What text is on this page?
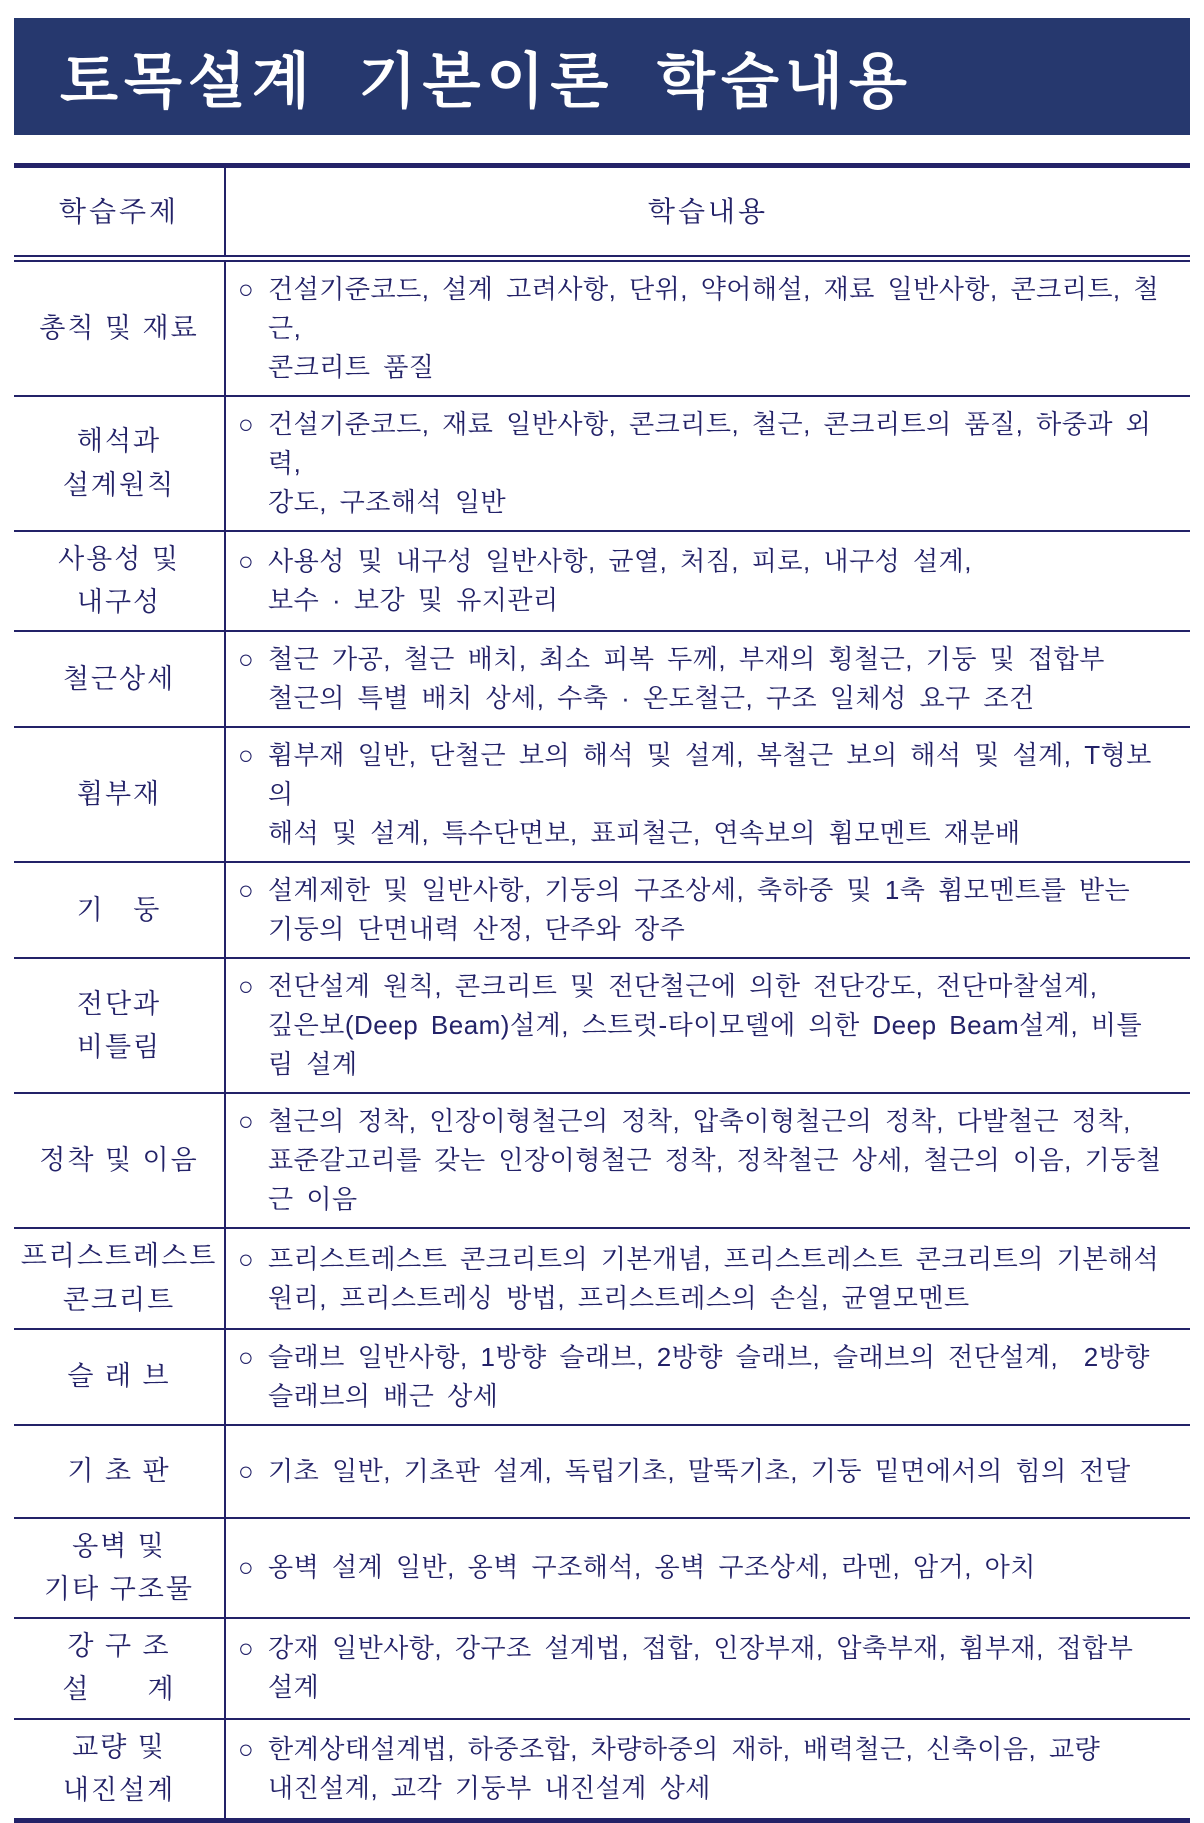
토목설계 기본이론 학습내용
학습주제	학습내용
총칙 및 재료
○ 건설기준코드, 설계 고려사항, 단위, 약어해설, 재료 일반사항, 콘크리트, 철근,
콘크리트 품질
해석과
설계원칙
○ 건설기준코드, 재료 일반사항, 콘크리트, 철근, 콘크리트의 품질, 하중과 외력,
강도, 구조해석 일반
사용성 및
내구성
○ 사용성 및 내구성 일반사항, 균열, 처짐, 피로, 내구성 설계,
보수 · 보강 및 유지관리
철근상세
○ 철근 가공, 철근 배치, 최소 피복 두께, 부재의 횡철근, 기둥 및 접합부
철근의 특별 배치 상세, 수축 · 온도철근, 구조 일체성 요구 조건
휨부재
○ 휨부재 일반, 단철근 보의 해석 및 설계, 복철근 보의 해석 및 설계, T형보의
해석 및 설계, 특수단면보, 표피철근, 연속보의 휨모멘트 재분배
기   둥
○ 설계제한 및 일반사항, 기둥의 구조상세, 축하중 및 1축 휨모멘트를 받는
기둥의 단면내력 산정, 단주와 장주
전단과
비틀림
○ 전단설계 원칙, 콘크리트 및 전단철근에 의한 전단강도, 전단마찰설계,
깊은보(Deep Beam)설계, 스트럿-타이모델에 의한 Deep Beam설계, 비틀림 설계
정착 및 이음
○ 철근의 정착, 인장이형철근의 정착, 압축이형철근의 정착, 다발철근 정착,
표준갈고리를 갖는 인장이형철근 정착, 정착철근 상세, 철근의 이음, 기둥철근 이음
프리스트레스트
콘크리트
○ 프리스트레스트 콘크리트의 기본개념, 프리스트레스트 콘크리트의 기본해석
원리, 프리스트레싱 방법, 프리스트레스의 손실, 균열모멘트
슬 래 브
○ 슬래브 일반사항, 1방향 슬래브, 2방향 슬래브, 슬래브의 전단설계,  2방향
슬래브의 배근 상세
기 초 판	○ 기초 일반, 기초판 설계, 독립기초, 말뚝기초, 기둥 밑면에서의 힘의 전달
옹벽 및
기타 구조물
○ 옹벽 설계 일반, 옹벽 구조해석, 옹벽 구조상세, 라멘, 암거, 아치
강 구 조
설      계
○ 강재 일반사항, 강구조 설계법, 접합, 인장부재, 압축부재, 휨부재, 접합부 설계
교량 및
내진설계
○ 한계상태설계법, 하중조합, 차량하중의 재하, 배력철근, 신축이음, 교량
내진설계, 교각 기둥부 내진설계 상세
